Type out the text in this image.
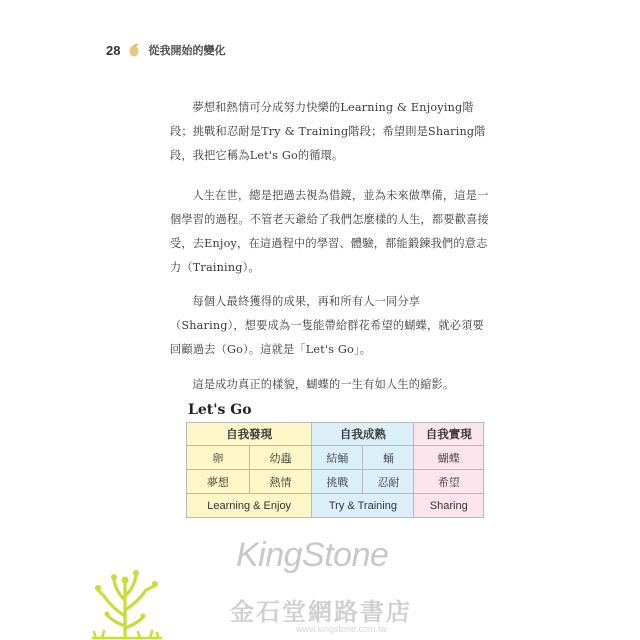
28	從我開始的變化

夢想和熱情可分成努力快樂的Learning & Enjoying階段；挑戰和忍耐是Try & Training階段；希望則是Sharing階段，我把它稱為Let's Go的循環。

人生在世，總是把過去視為借鏡，並為未來做準備，這是一個學習的過程。不管老天爺給了我們怎麼樣的人生，都要歡喜接受，去Enjoy，在這過程中的學習、體驗，都能鍛鍊我們的意志力（Training）。

每個人最終獲得的成果，再和所有人一同分享（Sharing），想要成為一隻能帶給群花希望的蝴蝶，就必須要回顧過去（Go）。這就是「Let's Go」。

這是成功真正的樣貌，蝴蝶的一生有如人生的縮影。

Let's Go
自我發現		自我成熟		自我實現
卵	幼蟲	結蛹	蛹	蝴蝶
夢想	熱情	挑戰	忍耐	希望
Learning & Enjoy		Try & Training		Sharing
KingStone
金石堂網路書店
www.kingstone.com.tw
